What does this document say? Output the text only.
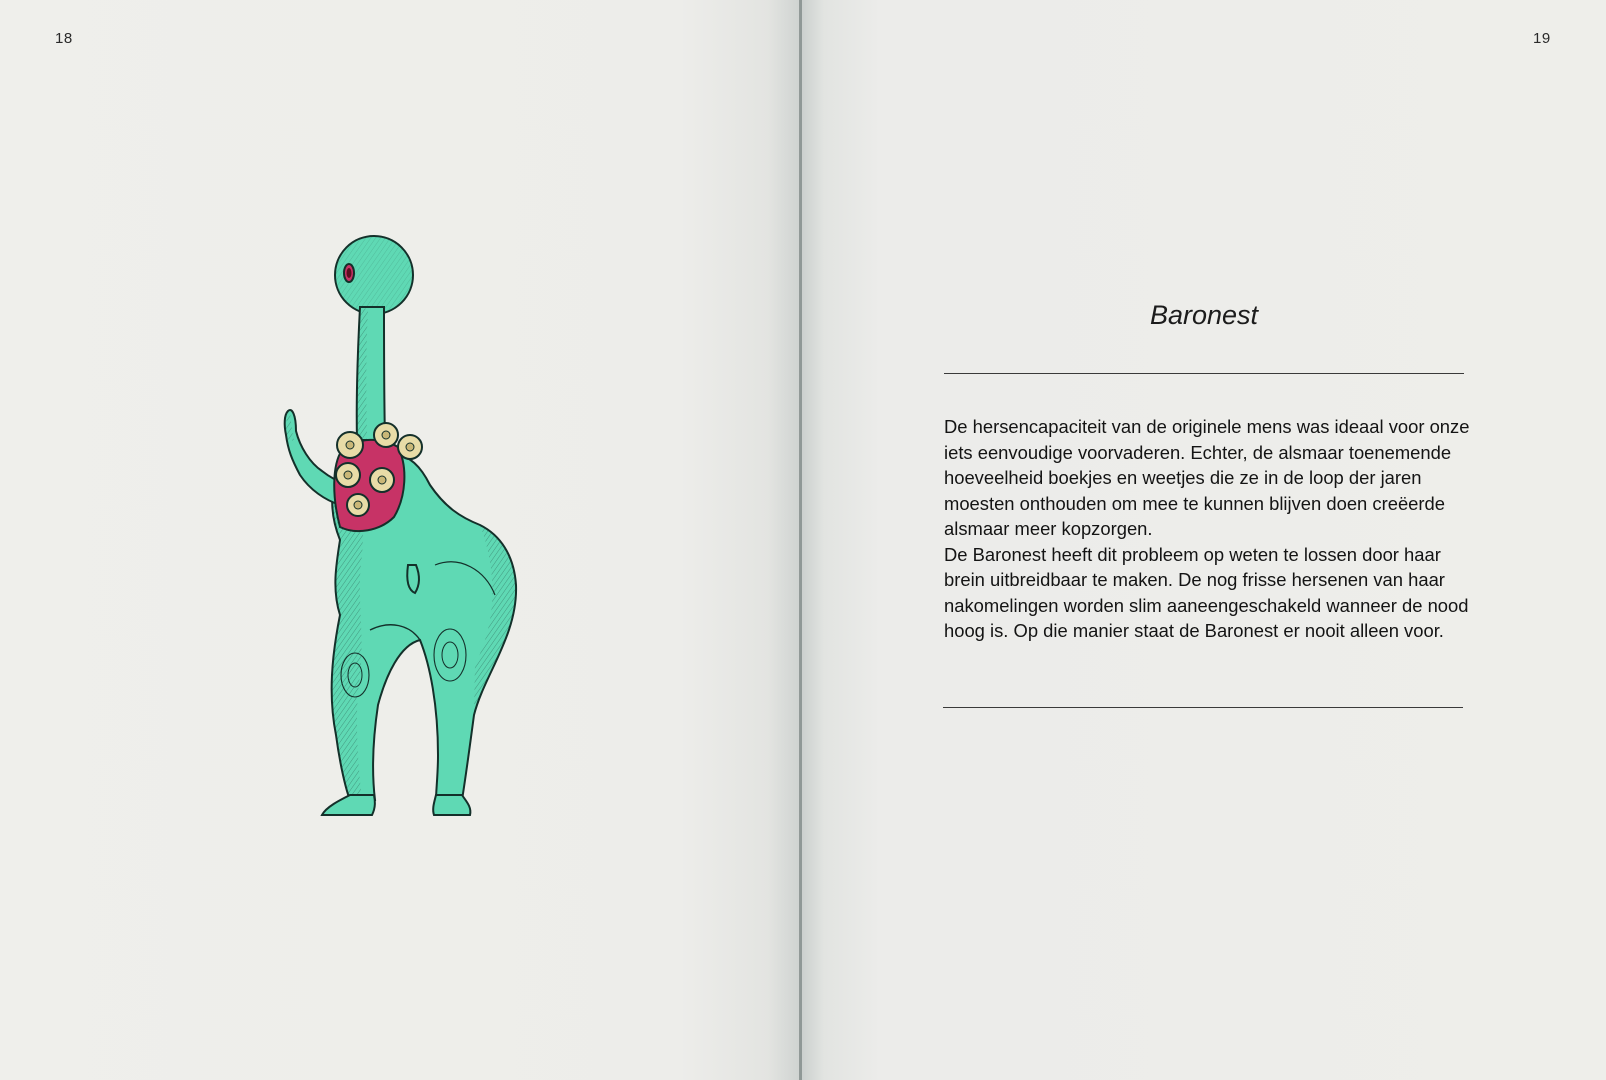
18	19
Baronest

De hersencapaciteit van de originele mens was ideaal voor onze iets eenvoudige voorvaderen. Echter, de alsmaar toenemende hoeveelheid boekjes en weetjes die ze in de loop der jaren moesten onthouden om mee te kunnen blijven doen creëerde alsmaar meer kopzorgen.

De Baronest heeft dit probleem op weten te lossen door haar brein uitbreidbaar te maken. De nog frisse hersenen van haar nakomelingen worden slim aaneengeschakeld wanneer de nood hoog is. Op die manier staat de Baronest er nooit alleen voor.
